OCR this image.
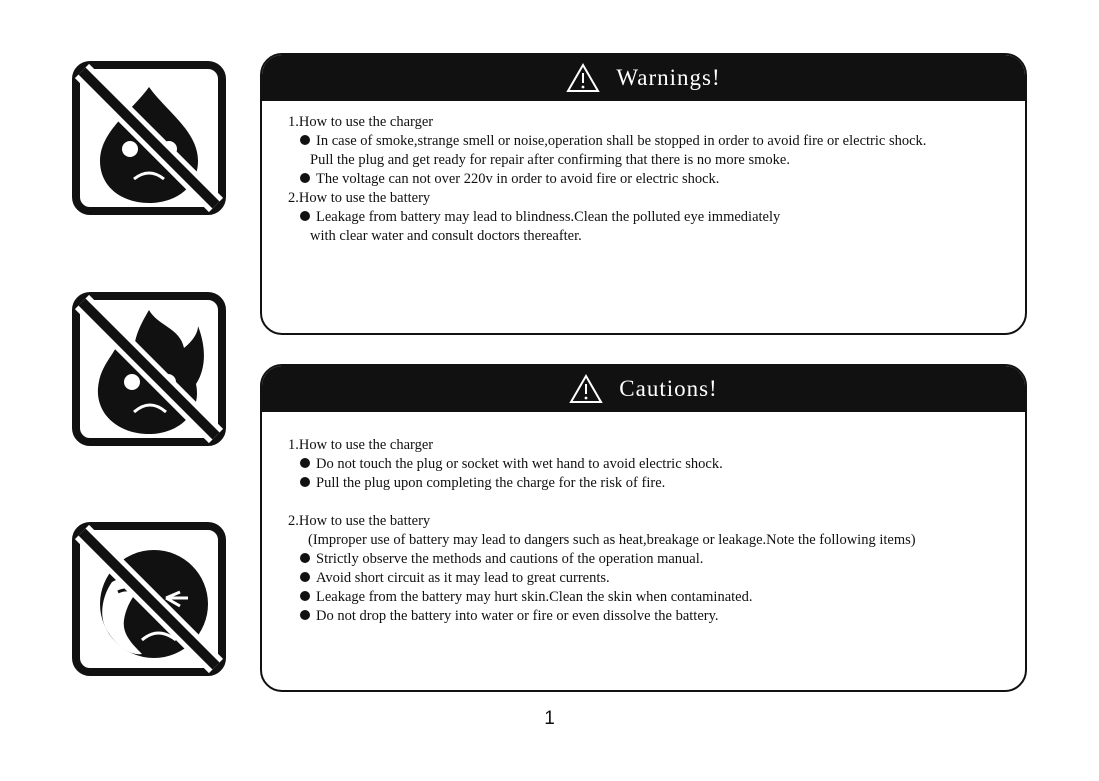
Warnings!
1.How to use the charger
In case of smoke,strange smell or noise,operation shall be stopped in order to avoid fire or electric shock.
Pull the plug and get ready for repair after confirming that there is no more smoke.
The voltage can not over 220v in order to avoid fire or electric shock.
2.How to use the battery
Leakage from battery may lead to blindness.Clean the polluted eye immediately
with clear water and consult doctors thereafter.
Cautions!
1.How to use the charger
Do not touch the plug or socket with wet hand to avoid electric shock.
Pull the plug upon completing the charge for the risk of fire.
2.How to use the battery
(Improper use of battery may lead to dangers such as heat,breakage or leakage.Note the following items)
Strictly observe the methods and cautions of the operation manual.
Avoid short circuit as it may lead to great currents.
Leakage from the battery may hurt skin.Clean the skin when contaminated.
Do not drop the battery into water or fire or even dissolve the battery.
1
